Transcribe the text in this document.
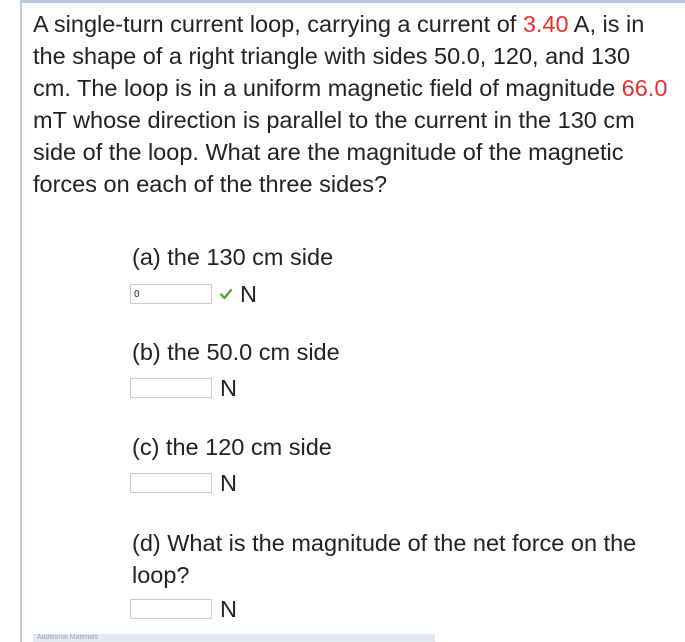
A single-turn current loop, carrying a current of 3.40 A, is in the shape of a right triangle with sides 50.0, 120, and 130 cm. The loop is in a uniform magnetic field of magnitude 66.0 mT whose direction is parallel to the current in the 130 cm side of the loop. What are the magnitude of the magnetic forces on each of the three sides?

(a) the 130 cm side
0
N
(b) the 50.0 cm side
N
(c) the 120 cm side
N
(d) What is the magnitude of the net force on the loop?
N
Additional Materials
